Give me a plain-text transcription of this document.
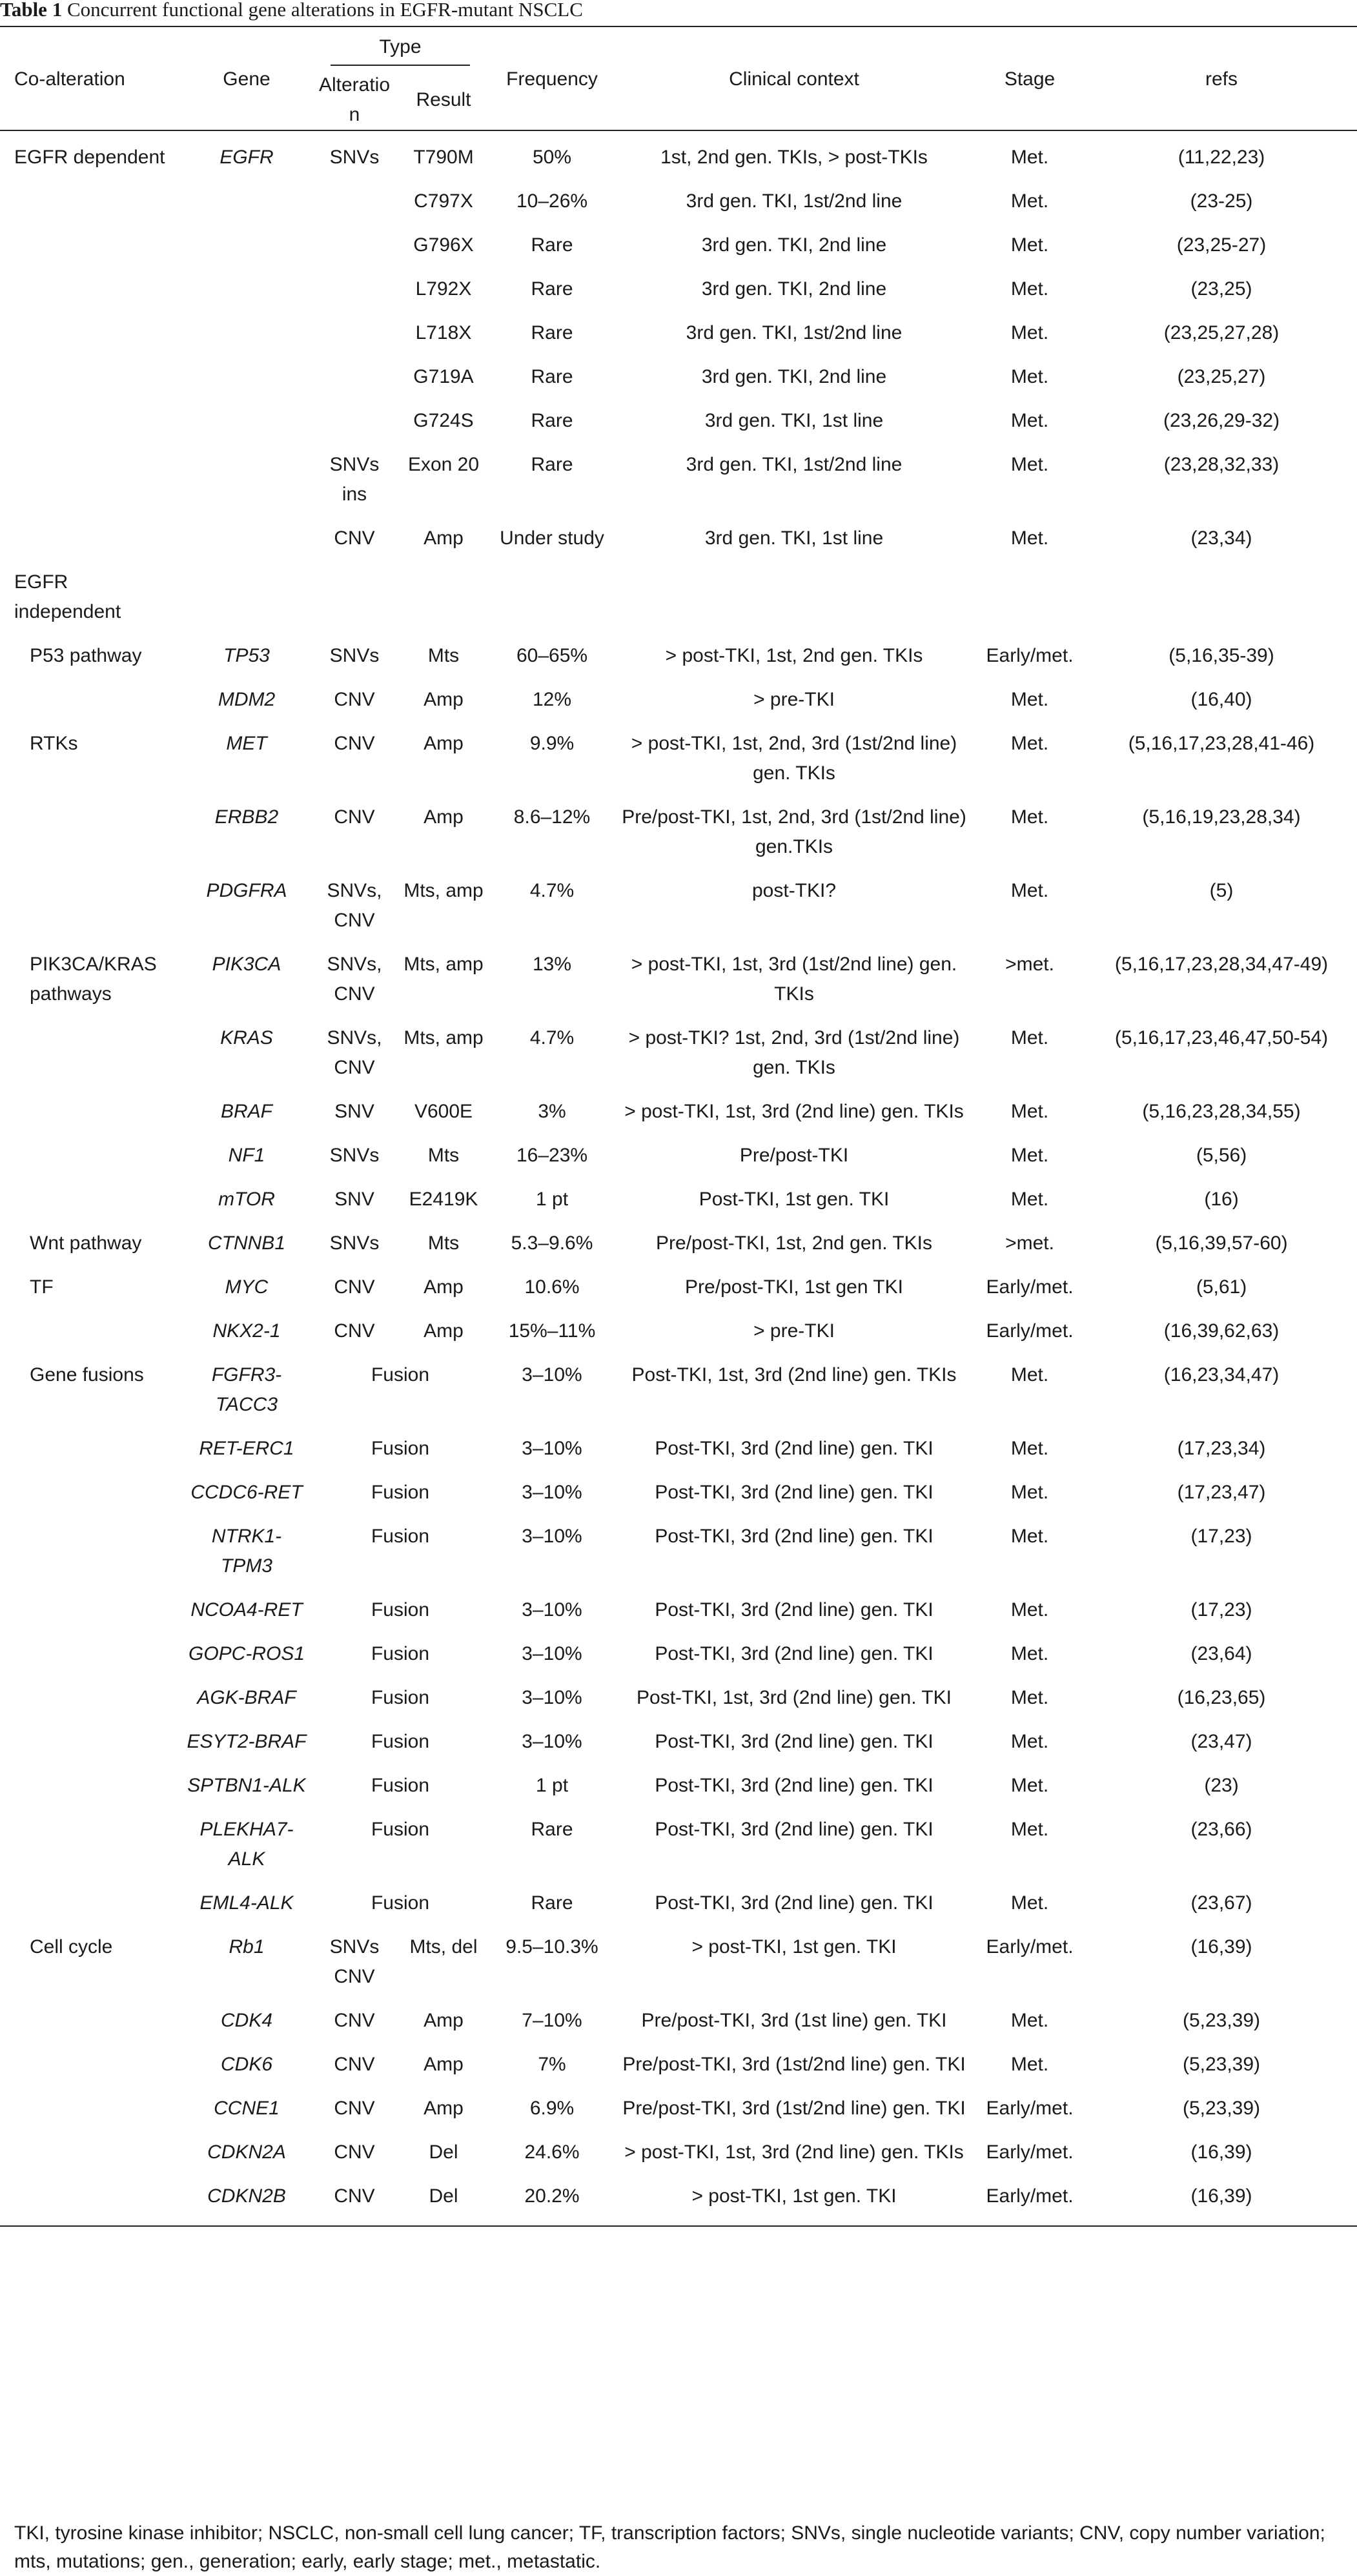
Table 1 Concurrent functional gene alterations in EGFR-mutant NSCLC
Co-alteration	Gene	Type		Frequency	Clinical context	Stage	refs
		Alteration	Result				
EGFR dependent	EGFR	SNVs	T790M	50%	1st, 2nd gen. TKIs, > post-TKIs	Met.	(11,22,23)
			C797X	10–26%	3rd gen. TKI, 1st/2nd line	Met.	(23-25)
			G796X	Rare	3rd gen. TKI, 2nd line	Met.	(23,25-27)
			L792X	Rare	3rd gen. TKI, 2nd line	Met.	(23,25)
			L718X	Rare	3rd gen. TKI, 1st/2nd line	Met.	(23,25,27,28)
			G719A	Rare	3rd gen. TKI, 2nd line	Met.	(23,25,27)
			G724S	Rare	3rd gen. TKI, 1st line	Met.	(23,26,29-32)
		SNVs ins	Exon 20	Rare	3rd gen. TKI, 1st/2nd line	Met.	(23,28,32,33)
		CNV	Amp	Under study	3rd gen. TKI, 1st line	Met.	(23,34)
EGFR independent							
P53 pathway	TP53	SNVs	Mts	60–65%	> post-TKI, 1st, 2nd gen. TKIs	Early/met.	(5,16,35-39)
	MDM2	CNV	Amp	12%	> pre-TKI	Met.	(16,40)
RTKs	MET	CNV	Amp	9.9%	> post-TKI, 1st, 2nd, 3rd (1st/2nd line) gen. TKIs	Met.	(5,16,17,23,28,41-46)
	ERBB2	CNV	Amp	8.6–12%	Pre/post-TKI, 1st, 2nd, 3rd (1st/2nd line) gen.TKIs	Met.	(5,16,19,23,28,34)
	PDGFRA	SNVs, CNV	Mts, amp	4.7%	post-TKI?	Met.	(5)
PIK3CA/KRAS pathways	PIK3CA	SNVs, CNV	Mts, amp	13%	> post-TKI, 1st, 3rd (1st/2nd line) gen. TKIs	>met.	(5,16,17,23,28,34,47-49)
	KRAS	SNVs, CNV	Mts, amp	4.7%	> post-TKI? 1st, 2nd, 3rd (1st/2nd line) gen. TKIs	Met.	(5,16,17,23,46,47,50-54)
	BRAF	SNV	V600E	3%	> post-TKI, 1st, 3rd (2nd line) gen. TKIs	Met.	(5,16,23,28,34,55)
	NF1	SNVs	Mts	16–23%	Pre/post-TKI	Met.	(5,56)
	mTOR	SNV	E2419K	1 pt	Post-TKI, 1st gen. TKI	Met.	(16)
Wnt pathway	CTNNB1	SNVs	Mts	5.3–9.6%	Pre/post-TKI, 1st, 2nd gen. TKIs	>met.	(5,16,39,57-60)
TF	MYC	CNV	Amp	10.6%	Pre/post-TKI, 1st gen TKI	Early/met.	(5,61)
	NKX2-1	CNV	Amp	15%–11%	> pre-TKI	Early/met.	(16,39,62,63)
Gene fusions	FGFR3-TACC3	Fusion		3–10%	Post-TKI, 1st, 3rd (2nd line) gen. TKIs	Met.	(16,23,34,47)
	RET-ERC1	Fusion		3–10%	Post-TKI, 3rd (2nd line) gen. TKI	Met.	(17,23,34)
	CCDC6-RET	Fusion		3–10%	Post-TKI, 3rd (2nd line) gen. TKI	Met.	(17,23,47)
	NTRK1-TPM3	Fusion		3–10%	Post-TKI, 3rd (2nd line) gen. TKI	Met.	(17,23)
	NCOA4-RET	Fusion		3–10%	Post-TKI, 3rd (2nd line) gen. TKI	Met.	(17,23)
	GOPC-ROS1	Fusion		3–10%	Post-TKI, 3rd (2nd line) gen. TKI	Met.	(23,64)
	AGK-BRAF	Fusion		3–10%	Post-TKI, 1st, 3rd (2nd line) gen. TKI	Met.	(16,23,65)
	ESYT2-BRAF	Fusion		3–10%	Post-TKI, 3rd (2nd line) gen. TKI	Met.	(23,47)
	SPTBN1-ALK	Fusion		1 pt	Post-TKI, 3rd (2nd line) gen. TKI	Met.	(23)
	PLEKHA7-ALK	Fusion		Rare	Post-TKI, 3rd (2nd line) gen. TKI	Met.	(23,66)
	EML4-ALK	Fusion		Rare	Post-TKI, 3rd (2nd line) gen. TKI	Met.	(23,67)
Cell cycle	Rb1	SNVs CNV	Mts, del	9.5–10.3%	> post-TKI, 1st gen. TKI	Early/met.	(16,39)
	CDK4	CNV	Amp	7–10%	Pre/post-TKI, 3rd (1st line) gen. TKI	Met.	(5,23,39)
	CDK6	CNV	Amp	7%	Pre/post-TKI, 3rd (1st/2nd line) gen. TKI	Met.	(5,23,39)
	CCNE1	CNV	Amp	6.9%	Pre/post-TKI, 3rd (1st/2nd line) gen. TKI	Early/met.	(5,23,39)
	CDKN2A	CNV	Del	24.6%	> post-TKI, 1st, 3rd (2nd line) gen. TKIs	Early/met.	(16,39)
	CDKN2B	CNV	Del	20.2%	> post-TKI, 1st gen. TKI	Early/met.	(16,39)
TKI, tyrosine kinase inhibitor; NSCLC, non-small cell lung cancer; TF, transcription factors; SNVs, single nucleotide variants; CNV, copy number variation; mts, mutations; gen., generation; early, early stage; met., metastatic.
